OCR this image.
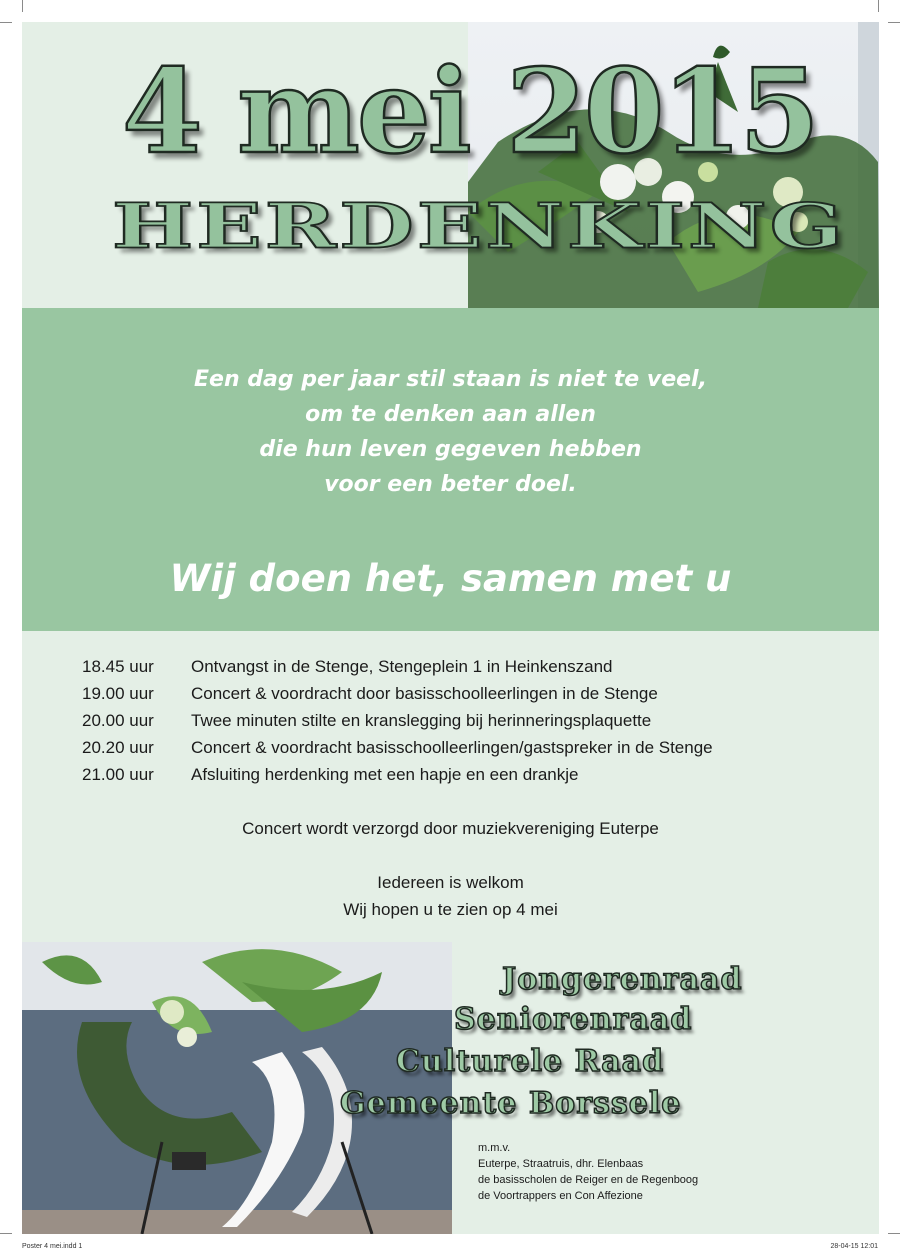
4 mei 2015
HERDENKING
Een dag per jaar stil staan is niet te veel,
om te denken aan allen
die hun leven gegeven hebben
voor een beter doel.
Wij doen het, samen met u
18.45 uur	Ontvangst in de Stenge, Stengeplein 1 in Heinkenszand
19.00 uur	Concert & voordracht door basisschoolleerlingen in de Stenge
20.00 uur	Twee minuten stilte en kranslegging bij herinneringsplaquette
20.20 uur	Concert & voordracht basisschoolleerlingen/gastspreker in de Stenge
21.00 uur	Afsluiting herdenking met een hapje en een drankje
Concert wordt verzorgd door muziekvereniging Euterpe
Iedereen is welkom
Wij hopen u te zien op 4 mei
Jongerenraad
Seniorenraad
Culturele Raad
Gemeente Borssele
m.m.v.
Euterpe, Straatruis, dhr. Elenbaas
de basisscholen de Reiger en de Regenboog
de Voortrappers en Con Affezione
Poster 4 mei.indd 1	28-04-15 12:01
